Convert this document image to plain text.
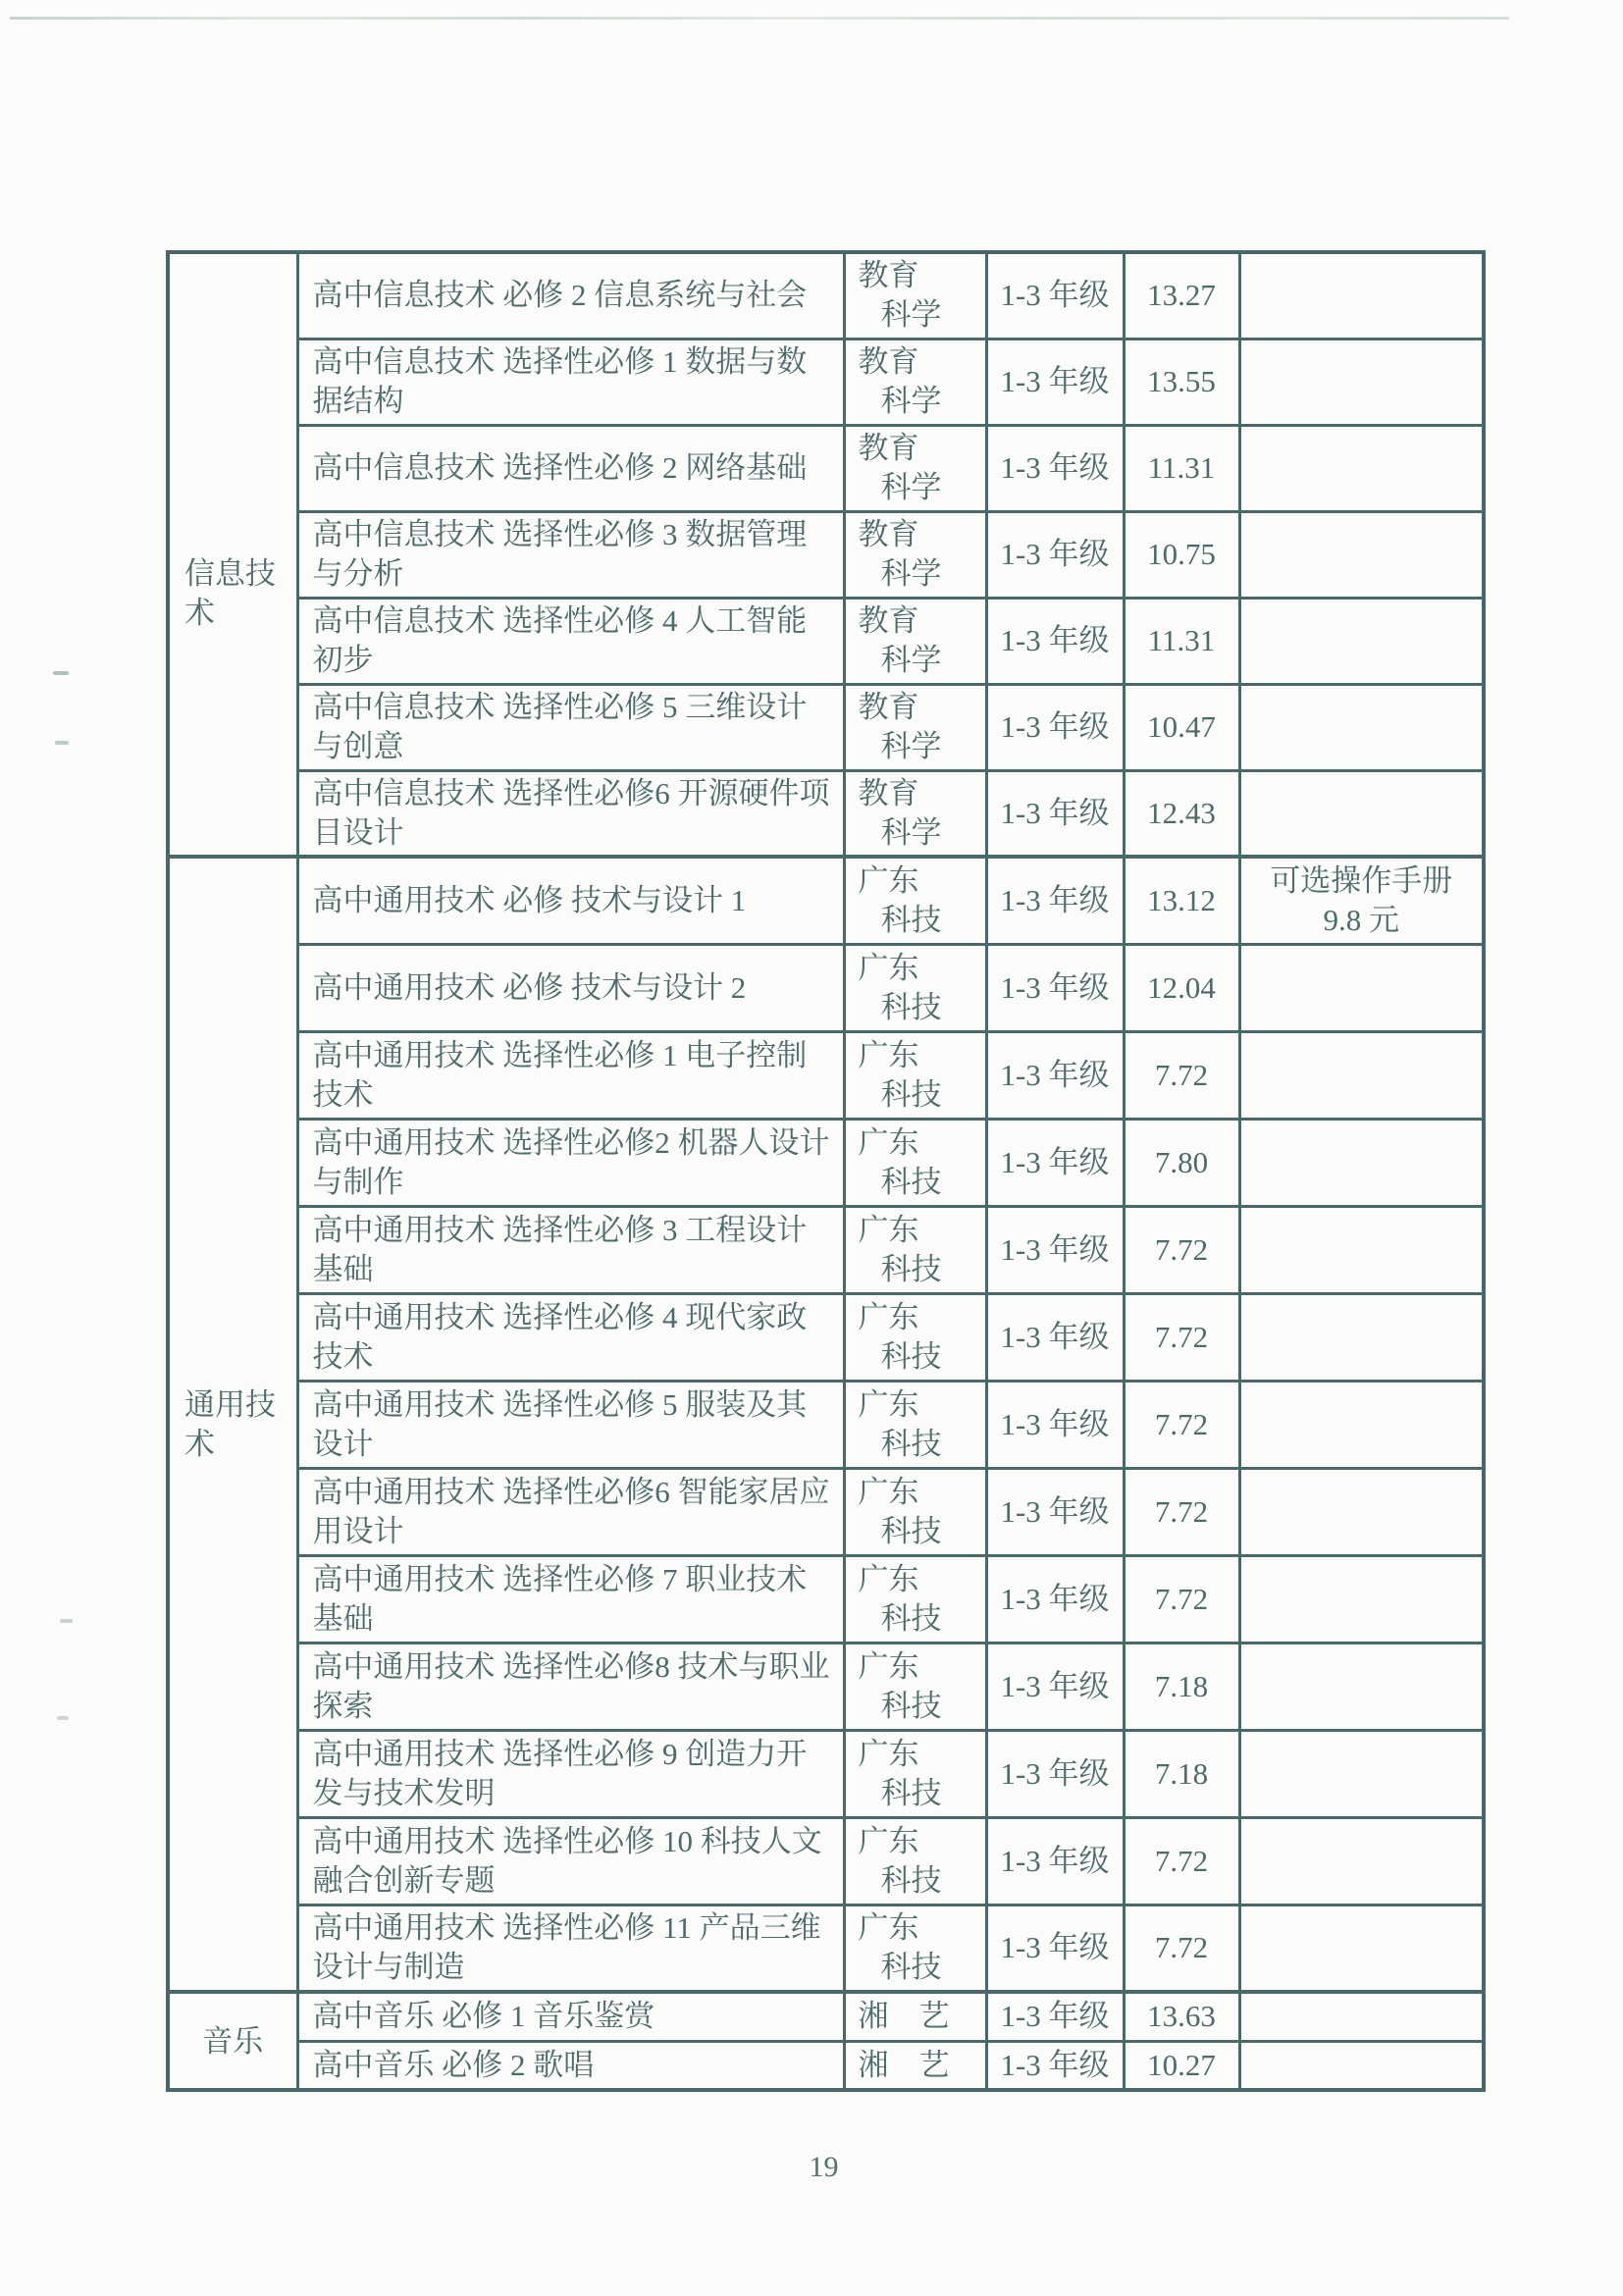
信息技术	高中信息技术 必修 2 信息系统与社会	教育
科学	1-3 年级	13.27	
	高中信息技术 选择性必修 1 数据与数据结构	教育
科学	1-3 年级	13.55	
	高中信息技术 选择性必修 2 网络基础	教育
科学	1-3 年级	11.31	
	高中信息技术 选择性必修 3 数据管理与分析	教育
科学	1-3 年级	10.75	
	高中信息技术 选择性必修 4 人工智能初步	教育
科学	1-3 年级	11.31	
	高中信息技术 选择性必修 5 三维设计与创意	教育
科学	1-3 年级	10.47	
	高中信息技术 选择性必修6 开源硬件项目设计	教育
科学	1-3 年级	12.43	
通用技术	高中通用技术 必修 技术与设计 1	广东
科技	1-3 年级	13.12	可选操作手册
9.8 元

	高中通用技术 必修 技术与设计 2	广东
科技	1-3 年级	12.04	
	高中通用技术 选择性必修 1 电子控制技术	广东
科技	1-3 年级	7.72	
	高中通用技术 选择性必修2 机器人设计与制作	广东
科技	1-3 年级	7.80	
	高中通用技术 选择性必修 3 工程设计基础	广东
科技	1-3 年级	7.72	
	高中通用技术 选择性必修 4 现代家政技术	广东
科技	1-3 年级	7.72	
	高中通用技术 选择性必修 5 服装及其设计	广东
科技	1-3 年级	7.72	
	高中通用技术 选择性必修6 智能家居应用设计	广东
科技	1-3 年级	7.72	
	高中通用技术 选择性必修 7 职业技术基础	广东
科技	1-3 年级	7.72	
	高中通用技术 选择性必修8 技术与职业探索	广东
科技	1-3 年级	7.18	
	高中通用技术 选择性必修 9 创造力开发与技术发明	广东
科技	1-3 年级	7.18	
	高中通用技术 选择性必修 10 科技人文融合创新专题	广东
科技	1-3 年级	7.72	
	高中通用技术 选择性必修 11 产品三维设计与制造	广东
科技	1-3 年级	7.72	
音乐	高中音乐 必修 1 音乐鉴赏	湘　艺	1-3 年级	13.63	
	高中音乐 必修 2 歌唱	湘　艺	1-3 年级	10.27	
19
